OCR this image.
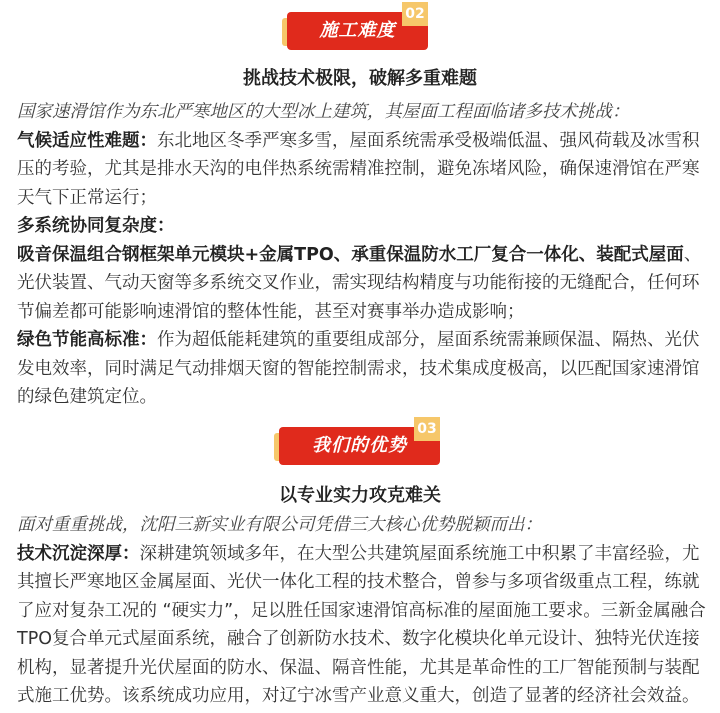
施工难度
02
挑战技术极限，破解多重难题

国家速滑馆作为东北严寒地区的大型冰上建筑，其屋面工程面临诸多技术挑战：

气候适应性难题：东北地区冬季严寒多雪，屋面系统需承受极端低温、强风荷载及冰雪积压的考验，尤其是排水天沟的电伴热系统需精准控制，避免冻堵风险，确保速滑馆在严寒天气下正常运行；

多系统协同复杂度：

吸音保温组合钢框架单元模块+金属TPO、承重保温防水工厂复合一体化、装配式屋面、光伏装置、气动天窗等多系统交叉作业，需实现结构精度与功能衔接的无缝配合，任何环节偏差都可能影响速滑馆的整体性能，甚至对赛事举办造成影响；

绿色节能高标准：作为超低能耗建筑的重要组成部分，屋面系统需兼顾保温、隔热、光伏发电效率，同时满足气动排烟天窗的智能控制需求，技术集成度极高，以匹配国家速滑馆的绿色建筑定位。

我们的优势
03
以专业实力攻克难关

面对重重挑战，沈阳三新实业有限公司凭借三大核心优势脱颖而出：

技术沉淀深厚：深耕建筑领域多年，在大型公共建筑屋面系统施工中积累了丰富经验，尤其擅长严寒地区金属屋面、光伏一体化工程的技术整合，曾参与多项省级重点工程，练就了应对复杂工况的 “硬实力”，足以胜任国家速滑馆高标准的屋面施工要求。三新金属融合TPO复合单元式屋面系统，融合了创新防水技术、数字化模块化单元设计、独特光伏连接机构，显著提升光伏屋面的防水、保温、隔音性能，尤其是革命性的工厂智能预制与装配式施工优势。该系统成功应用，对辽宁冰雪产业意义重大，创造了显著的经济社会效益。
